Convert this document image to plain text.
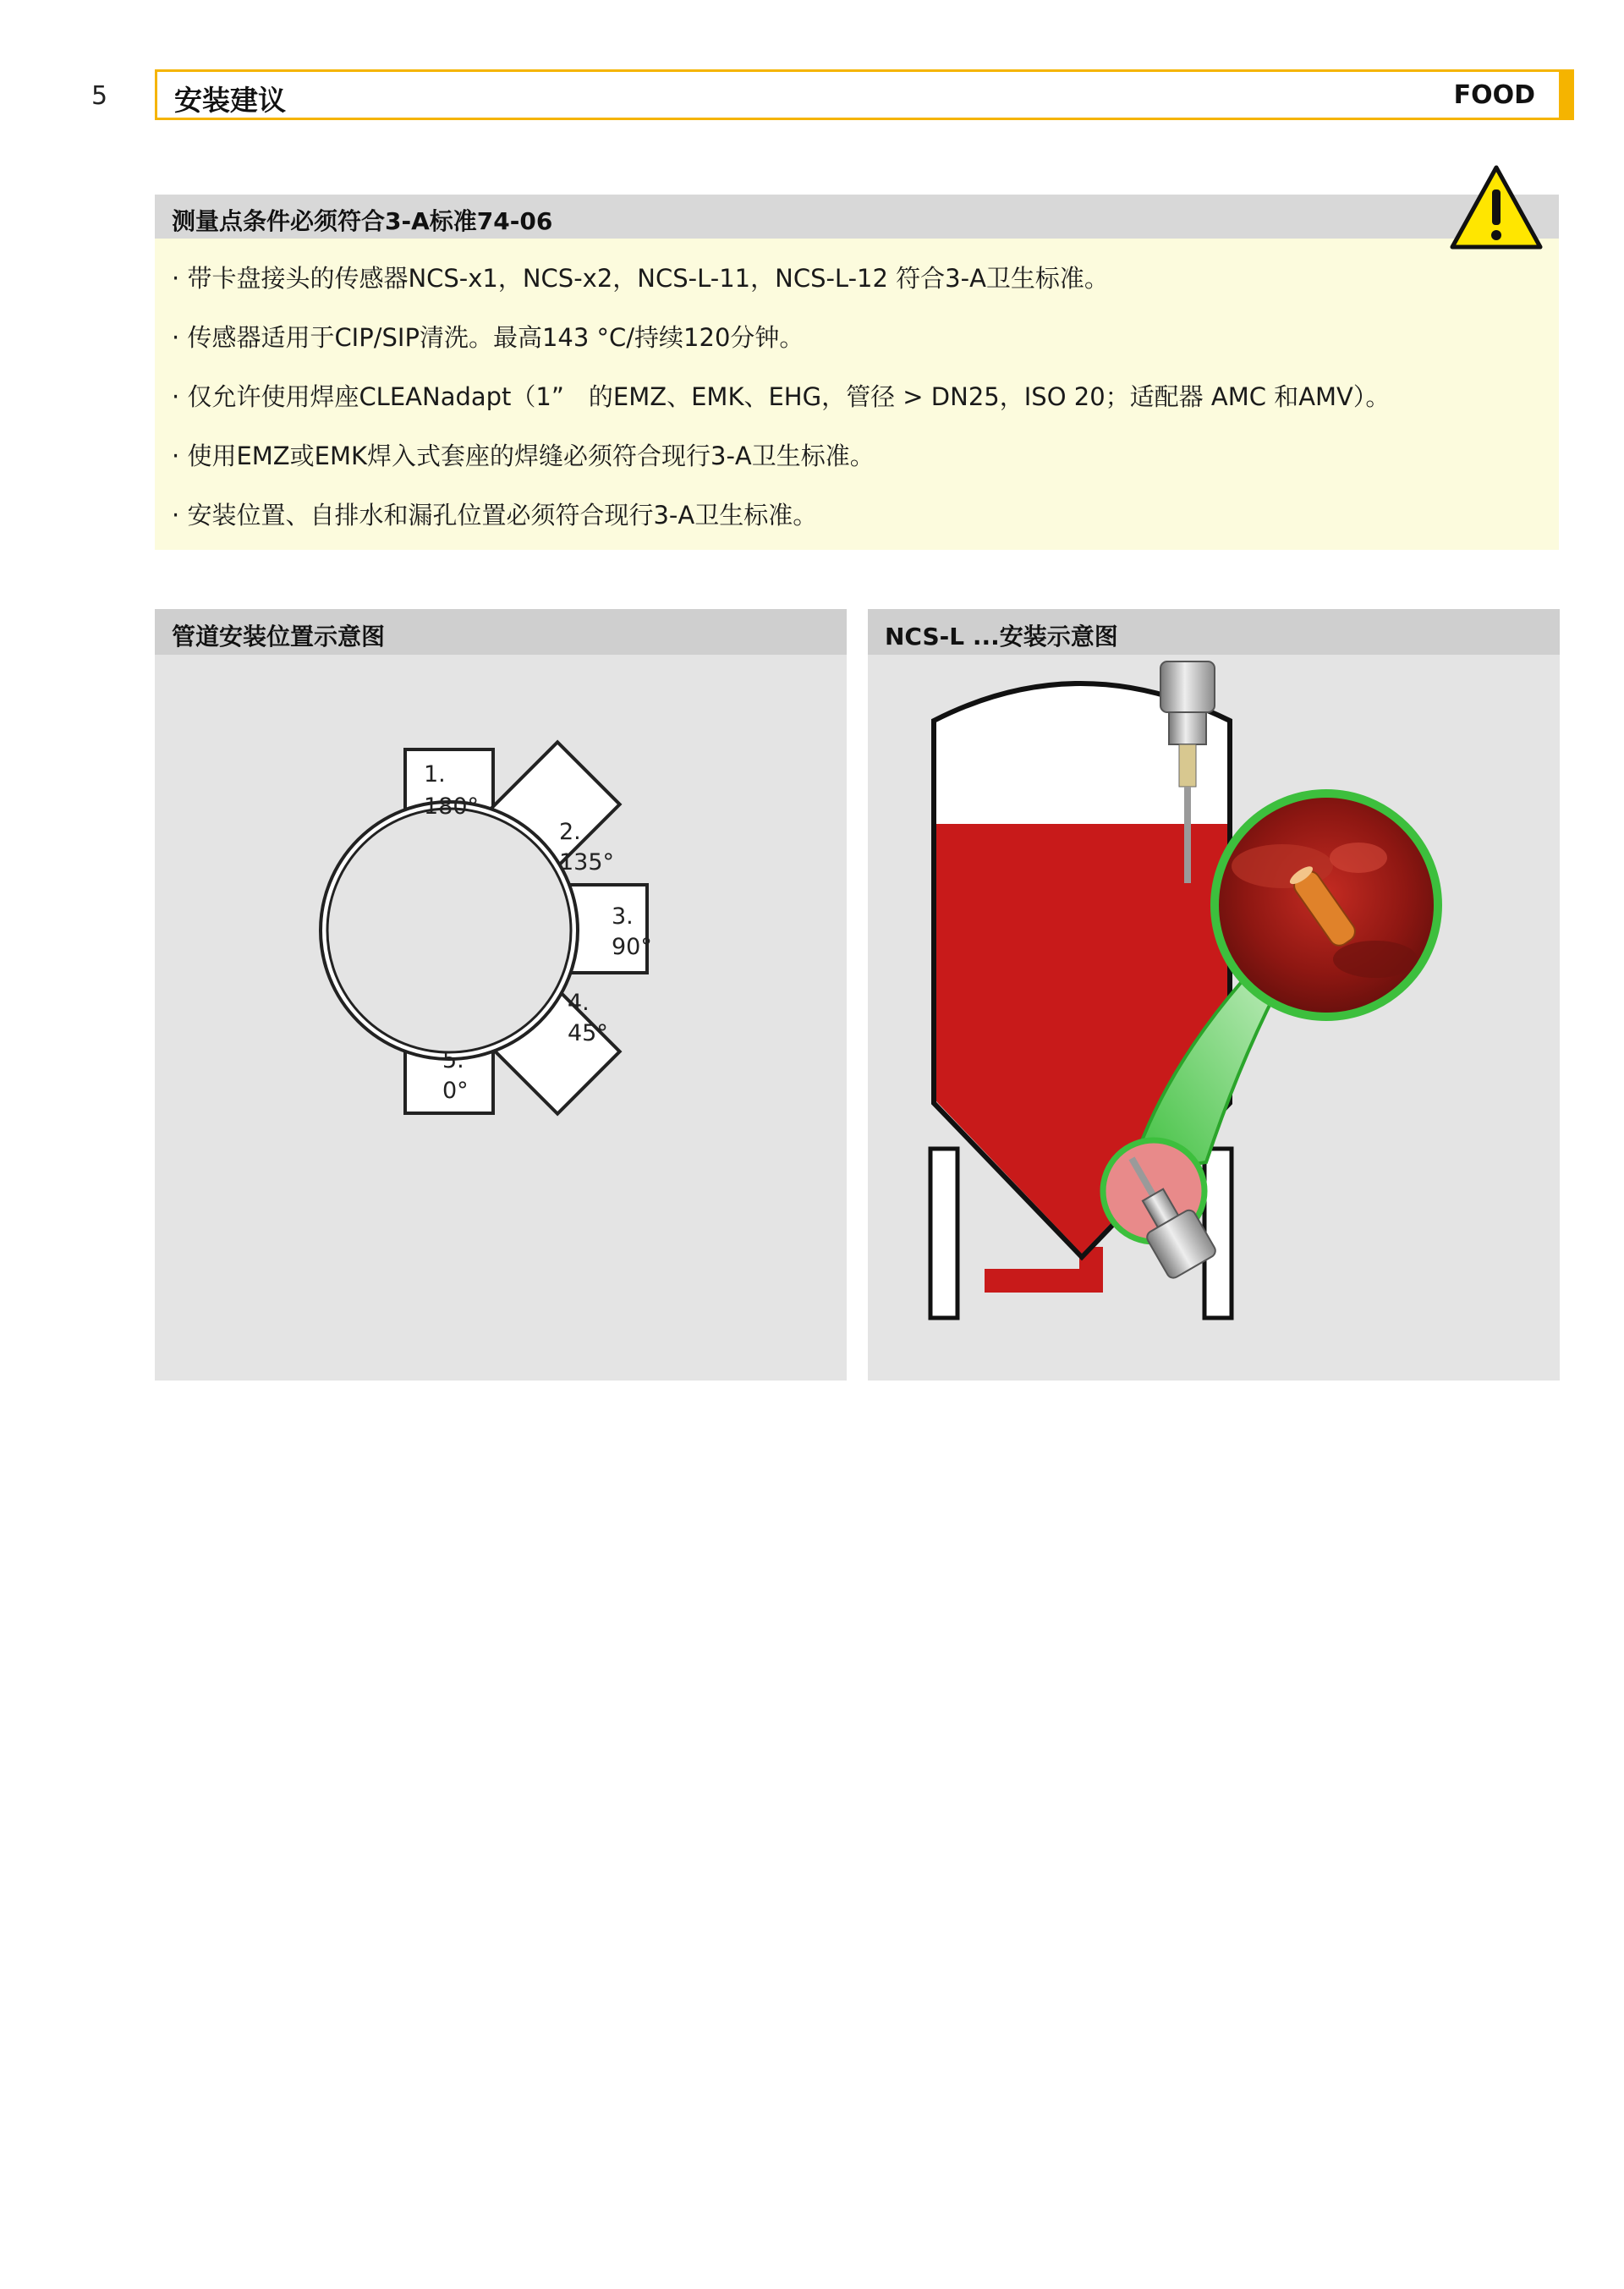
5 安装建议	FOOD
测量点条件必须符合3-A标准74-06
· 带卡盘接头的传感器NCS-x1，NCS-x2，NCS-L-11，NCS-L-12 符合3-A卫生标准。
· 传感器适用于CIP/SIP清洗。最高143 °C/持续120分钟。
· 仅允许使用焊座CLEANadapt（1”　的EMZ、EMK、EHG，管径 > DN25，ISO 20；适配器 AMC 和AMV）。
· 使用EMZ或EMK焊入式套座的焊缝必须符合现行3-A卫生标准。
· 安装位置、自排水和漏孔位置必须符合现行3-A卫生标准。
管道安装位置示意图
1.
180°
2.
135°
3.
90°
4.
45°
5.
0°
NCS-L ...安装示意图
